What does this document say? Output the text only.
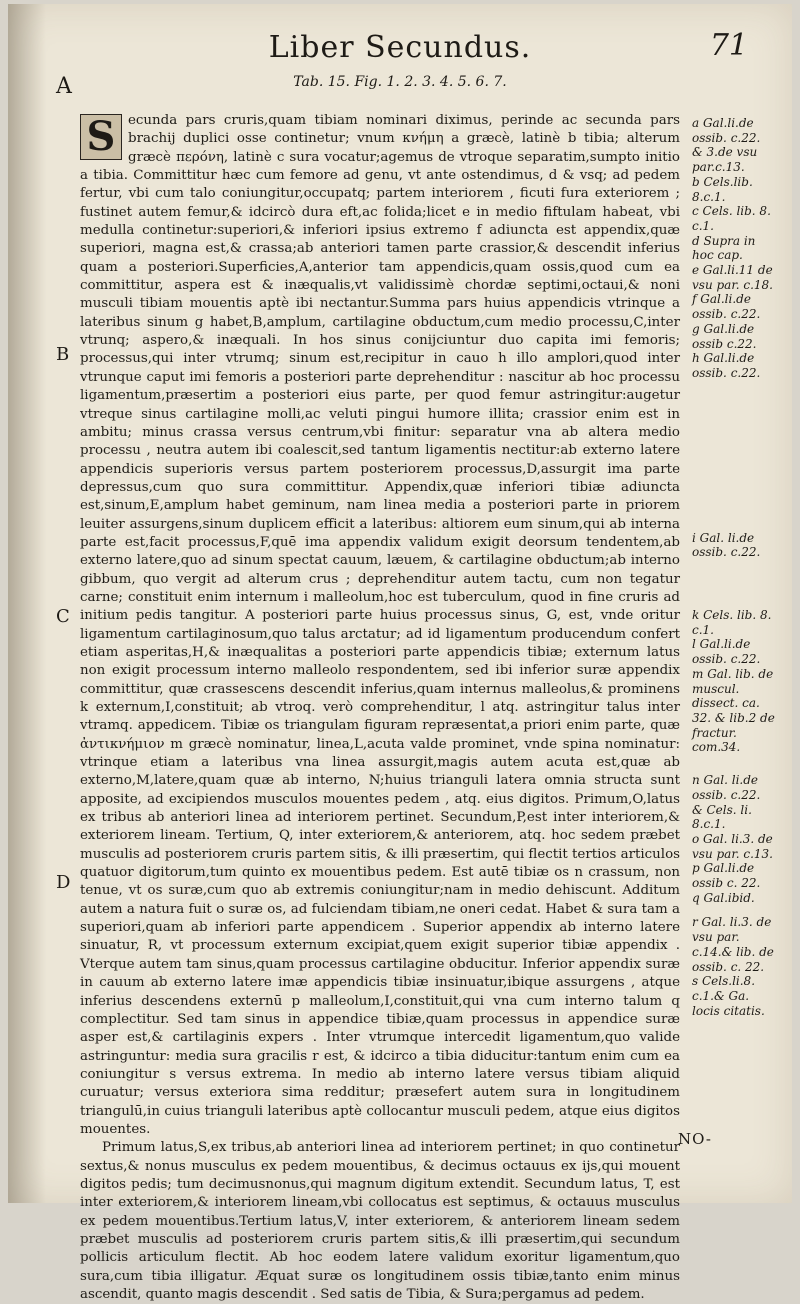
Liber Secundus.	71
A	Tab. 15. Fig. 1. 2. 3. 4. 5. 6. 7.
B
C
D

S ecunda pars cruris,quam tibiam nominari diximus, perinde ac secunda pars brachij duplici osse continetur; vnum κνήμη a græcè, latinè b tibia; alterum græcè περόνη, latinè c sura vocatur;agemus de vtroque separatim,sumpto initio a tibia. Committitur hæc cum femore ad genu, vt ante ostendimus, d & vsq; ad pedem fertur, vbi cum talo coniungitur,occupatq; partem interiorem , ficuti fura exteriorem ; fustinet autem femur,& idcircò dura eft,ac folida;licet e in medio fiftulam habeat, vbi medulla continetur:superiori,& inferiori ipsius extremo f adiuncta est appendix,quæ superiori, magna est,& crassa;ab anteriori tamen parte crassior,& descendit inferius quam a posteriori.Superficies,A,anterior tam appendicis,quam ossis,quod cum ea committitur, aspera est & inæqualis,vt validissimè chordæ septimi,octaui,& noni musculi tibiam mouentis aptè ibi nectantur.Summa pars huius appendicis vtrinque a lateribus sinum g habet,B,amplum, cartilagine obductum,cum medio processu,C,inter vtrunq; aspero,& inæquali. In hos sinus conijciuntur duo capita imi femoris; processus,qui inter vtrumq; sinum est,recipitur in cauo h illo amplori,quod inter vtrunque caput imi femoris a posteriori parte deprehenditur : nascitur ab hoc processu ligamentum,præsertim a posteriori eius parte, per quod femur astringitur:augetur vtreque sinus cartilagine molli,ac veluti pingui humore illita; crassior enim est in ambitu; minus crassa versus centrum,vbi finitur: separatur vna ab altera medio processu , neutra autem ibi coalescit,sed tantum ligamentis nectitur:ab externo latere appendicis superioris versus partem posteriorem processus,D,assurgit ima parte depressus,cum quo sura committitur. Appendix,quæ inferiori tibiæ adiuncta est,sinum,E,amplum habet geminum, nam linea media a posteriori parte in priorem leuiter assurgens,sinum duplicem efficit a lateribus: altiorem eum sinum,qui ab interna parte est,facit processus,F,quē ima appendix validum exigit deorsum tendentem,ab externo latere,quo ad sinum spectat cauum, læuem, & cartilagine obductum;ab interno gibbum, quo vergit ad alterum crus ; deprehenditur autem tactu, cum non tegatur carne; constituit enim internum i malleolum,hoc est tuberculum, quod in fine cruris ad initium pedis tangitur. A posteriori parte huius processus sinus, G, est, vnde oritur ligamentum cartilaginosum,quo talus arctatur; ad id ligamentum producendum confert etiam asperitas,H,& inæqualitas a posteriori parte appendicis tibiæ; externum latus non exigit processum interno malleolo respondentem, sed ibi inferior suræ appendix committitur, quæ crassescens descendit inferius,quam internus malleolus,& prominens k externum,I,constituit; ab vtroq. verò comprehenditur, l atq. astringitur talus inter vtramq. appedicem. Tibiæ os triangulam figuram repræsentat,a priori enim parte, quæ ἀντικνήμιον m græcè nominatur, linea,L,acuta valde prominet, vnde spina nominatur: vtrinque etiam a lateribus vna linea assurgit,magis autem acuta est,quæ ab externo,M,latere,quam quæ ab interno, N;huius trianguli latera omnia structa sunt apposite, ad excipiendos musculos mouentes pedem , atq. eius digitos. Primum,O,latus ex tribus ab anteriori linea ad interiorem pertinet. Secundum,P,est inter interiorem,& exteriorem lineam. Tertium, Q, inter exteriorem,& anteriorem, atq. hoc sedem præbet musculis ad posteriorem cruris partem sitis, & illi præsertim, qui flectit tertios articulos quatuor digitorum,tum quinto ex mouentibus pedem. Est autē tibiæ os n crassum, non tenue, vt os suræ,cum quo ab extremis coniungitur;nam in medio dehiscunt. Additum autem a natura fuit o suræ os, ad fulciendam tibiam,ne oneri cedat. Habet & sura tam a superiori,quam ab inferiori parte appendicem . Superior appendix ab interno latere sinuatur, R, vt processum externum excipiat,quem exigit superior tibiæ appendix . Vterque autem tam sinus,quam processus cartilagine obducitur. Inferior appendix suræ in cauum ab externo latere imæ appendicis tibiæ insinuatur,ibique assurgens , atque inferius descendens externū p malleolum,I,constituit,qui vna cum interno talum q complectitur. Sed tam sinus in appendice tibiæ,quam processus in appendice suræ asper est,& cartilaginis expers . Inter vtrumque intercedit ligamentum,quo valide astringuntur: media sura gracilis r est, & idcirco a tibia diducitur:tantum enim cum ea coniungitur s versus extrema. In medio ab interno latere versus tibiam aliquid curuatur; versus exteriora sima redditur; præsefert autem sura in longitudinem triangulū,in cuius trianguli lateribus aptè collocantur musculi pedem, atque eius digitos mouentes.

Primum latus,S,ex tribus,ab anteriori linea ad interiorem pertinet; in quo continetur sextus,& nonus musculus ex pedem mouentibus, & decimus octauus ex ijs,qui mouent digitos pedis; tum decimusnonus,qui magnum digitum extendit. Secundum latus, T, est inter exteriorem,& interiorem lineam,vbi collocatus est septimus, & octauus musculus ex pedem mouentibus.Tertium latus,V, inter exteriorem, & anteriorem lineam sedem præbet musculis ad posteriorem cruris partem sitis,& illi præsertim,qui secundum pollicis articulum flectit. Ab hoc eodem latere validum exoritur ligamentum,quo sura,cum tibia illigatur. Æquat suræ os longitudinem ossis tibiæ,tanto enim minus ascendit, quanto magis descendit . Sed satis de Tibia, & Sura;pergamus ad pedem.

a Gal.li.de ossib. c.22.

& 3.de vsu par.c.13.

b Cels.lib. 8.c.1.

c Cels. lib. 8. c.1.

d Supra in hoc cap.

e Gal.li.11 de vsu par. c.18.

f Gal.li.de ossib. c.22.

g Gal.li.de ossib c.22.

h Gal.li.de ossib. c.22.

i Gal. li.de ossib. c.22.

k Cels. lib. 8. c.1.

l Gal.li.de ossib. c.22.

m Gal. lib. de muscul. dissect. ca. 32. & lib.2 de fractur. com.34.

n Gal. li.de ossib. c.22.

& Cels. li. 8.c.1.

o Gal. li.3. de vsu par. c.13.

p Gal.li.de ossib c. 22.

q Gal.ibid.

r Gal. li.3. de vsu par. c.14.& lib. de ossib. c. 22.

s Cels.li.8. c.1.& Ga. locis citatis.

NO-
